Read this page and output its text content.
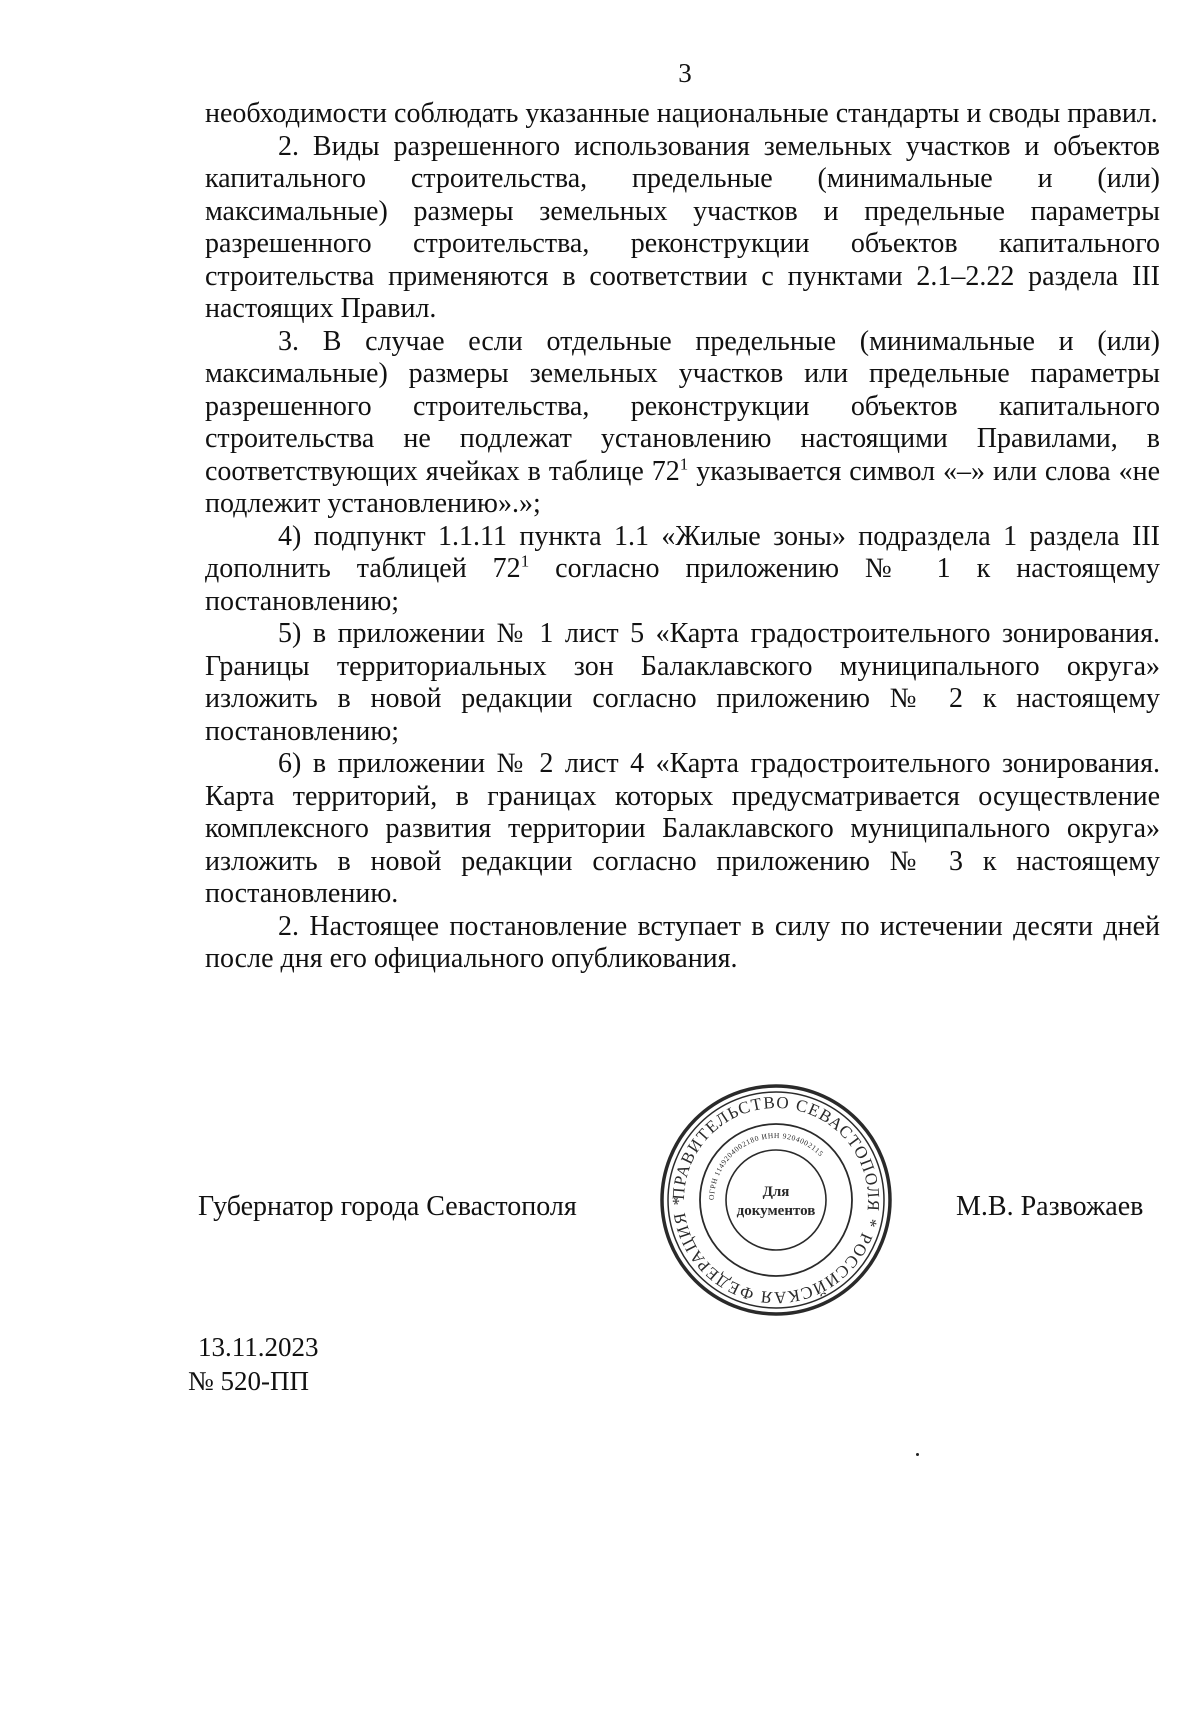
3

необходимости соблюдать указанные национальные стандарты и своды правил.

2. Виды разрешенного использования земельных участков и объектов капитального строительства, предельные (минимальные и (или) максимальные) размеры земельных участков и предельные параметры разрешенного строительства, реконструкции объектов капитального строительства применяются в соответствии с пунктами 2.1–2.22 раздела III настоящих Правил.

3. В случае если отдельные предельные (минимальные и (или) максимальные) размеры земельных участков или предельные параметры разрешенного строительства, реконструкции объектов капитального строительства не подлежат установлению настоящими Правилами, в соответствующих ячейках в таблице $72^1$ указывается символ «–» или слова «не подлежит установлению».»;

4) подпункт 1.1.11 пункта 1.1 «Жилые зоны» подраздела 1 раздела III дополнить таблицей $72^1$ согласно приложению № 1 к настоящему постановлению;

5) в приложении № 1 лист 5 «Карта градостроительного зонирования. Границы территориальных зон Балаклавского муниципального округа» изложить в новой редакции согласно приложению № 2 к настоящему постановлению;

6) в приложении № 2 лист 4 «Карта градостроительного зонирования. Карта территорий, в границах которых предусматривается осуществление комплексного развития территории Балаклавского муниципального округа» изложить в новой редакции согласно приложению № 3 к настоящему постановлению.

2. Настоящее постановление вступает в силу по истечении десяти дней после дня его официального опубликования.

Губернатор города Севастополя	ПРАВИТЕЛЬСТВО СЕВАСТОПОЛЯ * РОССИЙСКАЯ ФЕДЕРАЦИЯ *	ОГРН 1149204002180 ИНН 9204002115
Для
документов	М.В. Развожаев
13.11.2023
№ 520-ПП
